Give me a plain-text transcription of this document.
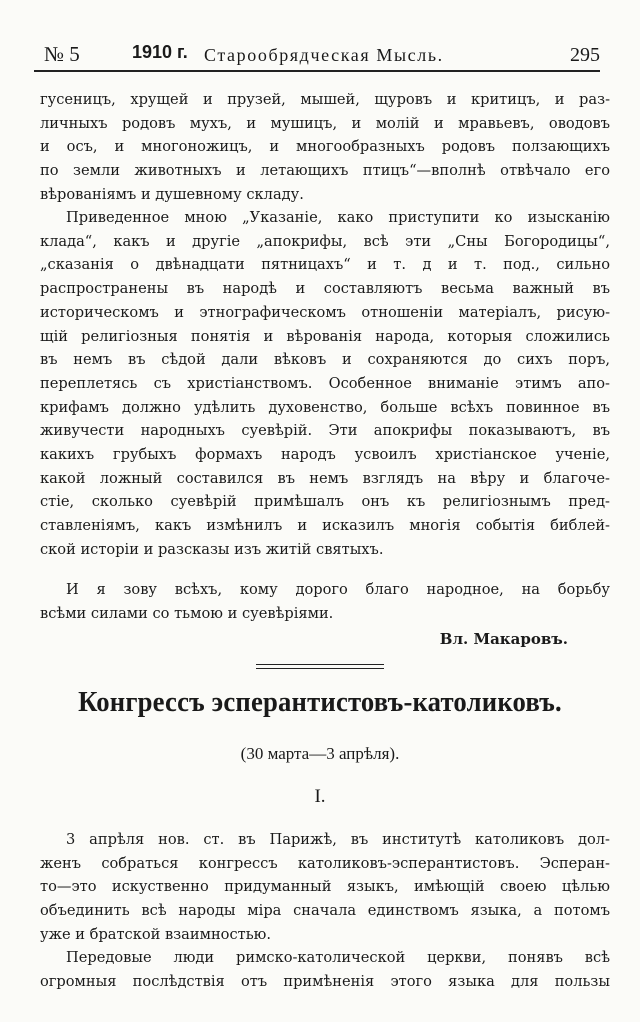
№ 5	1910 г. Старообрядческая Мысль.	295
гусеницъ, хрущей и прузей, мышей, щуровъ и критицъ, и раз-
личныхъ родовъ мухъ, и мушицъ, и молiй и мравьевъ, оводовъ
и осъ, и многоножицъ, и многообразныхъ родовъ ползающихъ
по земли животныхъ и летающихъ птицъ“—вполнѣ отвѣчало его
вѣрованiямъ и душевному складу.
Приведенное мною „Указанiе, како приступити ко изысканiю
клада“, какъ и другiе „апокрифы, всѣ эти „Сны Богородицы“,
„сказанiя о двѣнадцати пятницахъ“ и т. д и т. под., сильно
распространены въ народѣ и составляютъ весьма важный въ
историческомъ и этнографическомъ отношенiи матерiалъ, рисую-
щiй религiозныя понятiя и вѣрованiя народа, которыя сложились
въ немъ въ сѣдой дали вѣковъ и сохраняются до сихъ поръ,
переплетясь съ христiанствомъ. Особенное вниманiе этимъ апо-
крифамъ должно удѣлить духовенство, больше всѣхъ повинное въ
живучести народныхъ суевѣрiй. Эти апокрифы показываютъ, въ
какихъ грубыхъ формахъ народъ усвоилъ христiанское ученiе,
какой ложный составился въ немъ взглядъ на вѣру и благоче-
стiе, сколько суевѣрiй примѣшалъ онъ къ религiознымъ пред-
ставленiямъ, какъ измѣнилъ и исказилъ многiя событiя библей-
ской исторiи и разсказы изъ житiй святыхъ.
И я зову всѣхъ, кому дорого благо народное, на борьбу
всѣми силами со тьмою и суевѣрiями.
Вл. Макаровъ.
Конгрессъ эсперантистовъ-католиковъ.
(30 марта—3 апрѣля).
I.
3 апрѣля нов. ст. въ Парижѣ, въ институтѣ католиковъ дол-
женъ собраться конгрессъ католиковъ-эсперантистовъ. Эсперан-
то—это искуственно придуманный языкъ, имѣющiй своею цѣлью
объединить всѣ народы мiра сначала единствомъ языка, а потомъ
уже и братской взаимностью.
Передовые люди римско-католической церкви, понявъ всѣ
огромныя послѣдствiя отъ примѣненiя этого языка для пользы
